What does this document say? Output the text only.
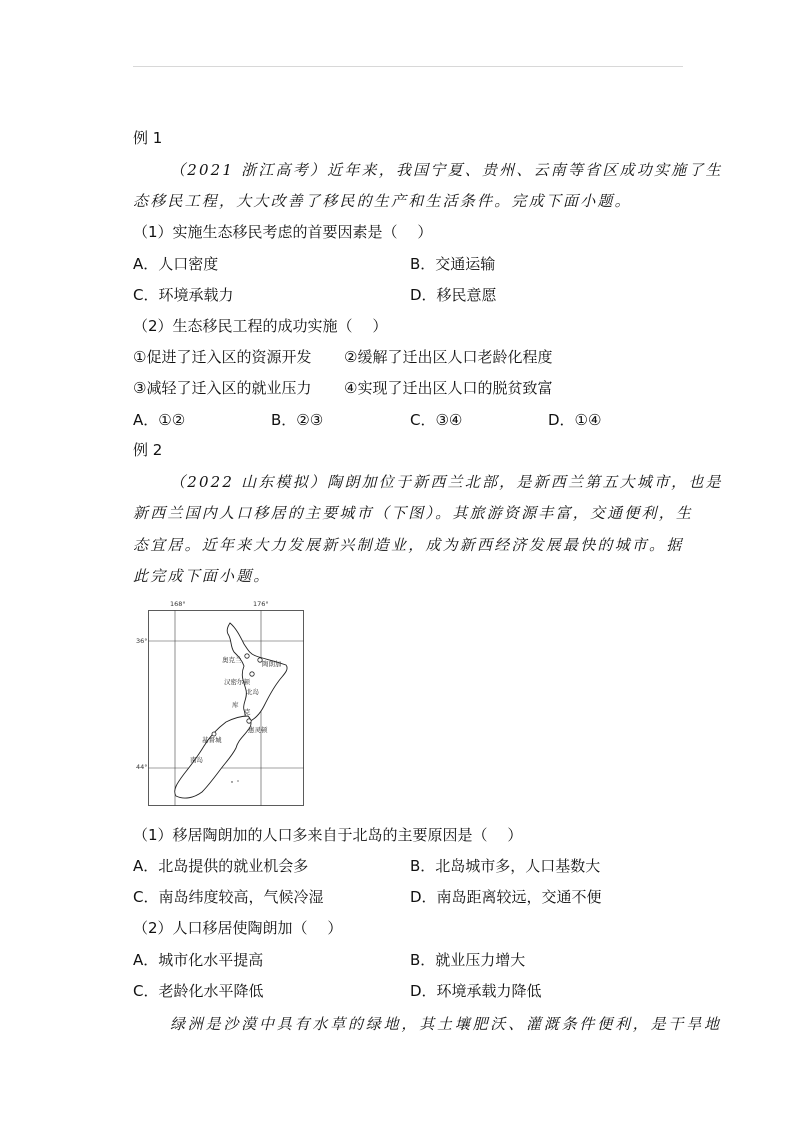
例 1
（2021 浙江高考）近年来，我国宁夏、贵州、云南等省区成功实施了生
态移民工程，大大改善了移民的生产和生活条件。完成下面小题。
（1）实施生态移民考虑的首要因素是（　 ）
A．人口密度	B．交通运输
C．环境承载力	D．移民意愿
（2）生态移民工程的成功实施（　 ）
①促进了迁入区的资源开发 ②缓解了迁出区人口老龄化程度
③减轻了迁入区的就业压力 ④实现了迁出区人口的脱贫致富
A．①②	B．②③	C．③④	D．①④
例 2
（2022 山东模拟）陶朗加位于新西兰北部，是新西兰第五大城市，也是
新西兰国内人口移居的主要城市（下图）。其旅游资源丰富，交通便利，生
态宜居。近年来大力发展新兴制造业，成为新西经济发展最快的城市。据
此完成下面小题。
168°	176°
36°
44°
奥克兰	陶朗加
汉密尔顿
北岛
库
克
惠灵顿
基督城
南岛
（1）移居陶朗加的人口多来自于北岛的主要原因是（　 ）
A．北岛提供的就业机会多	B．北岛城市多，人口基数大
C．南岛纬度较高，气候冷湿	D．南岛距离较远，交通不便
（2）人口移居使陶朗加（　 ）
A．城市化水平提高	B．就业压力增大
C．老龄化水平降低	D．环境承载力降低
绿洲是沙漠中具有水草的绿地，其土壤肥沃、灌溉条件便利，是干旱地
